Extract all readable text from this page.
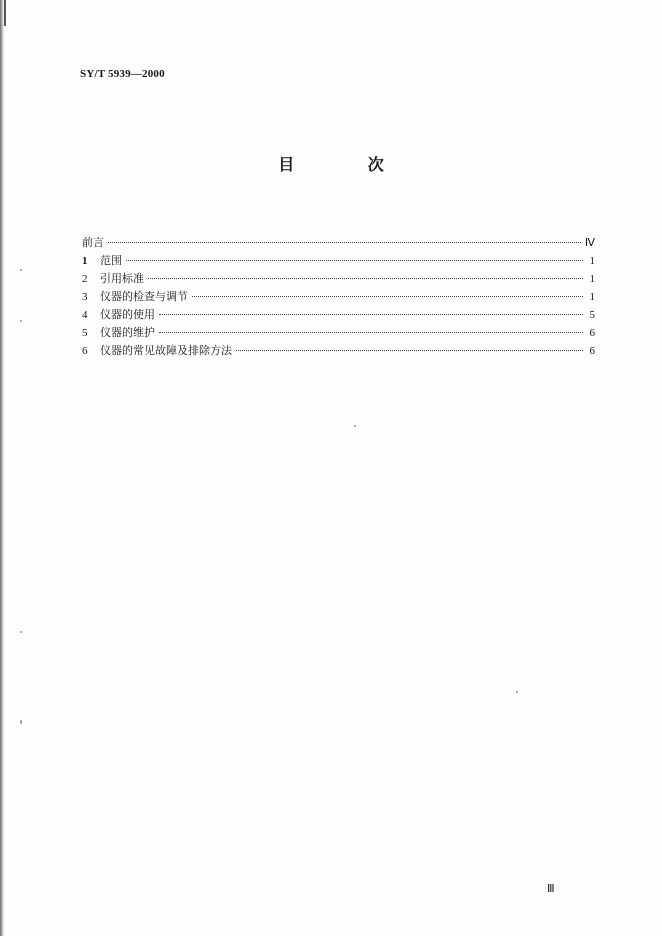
SY/T 5939—2000
目 次
前言	Ⅳ
1	范围	1
2	引用标准	1
3	仪器的检查与调节	1
4	仪器的使用	5
5	仪器的维护	6
6	仪器的常见故障及排除方法	6
Ⅲ
